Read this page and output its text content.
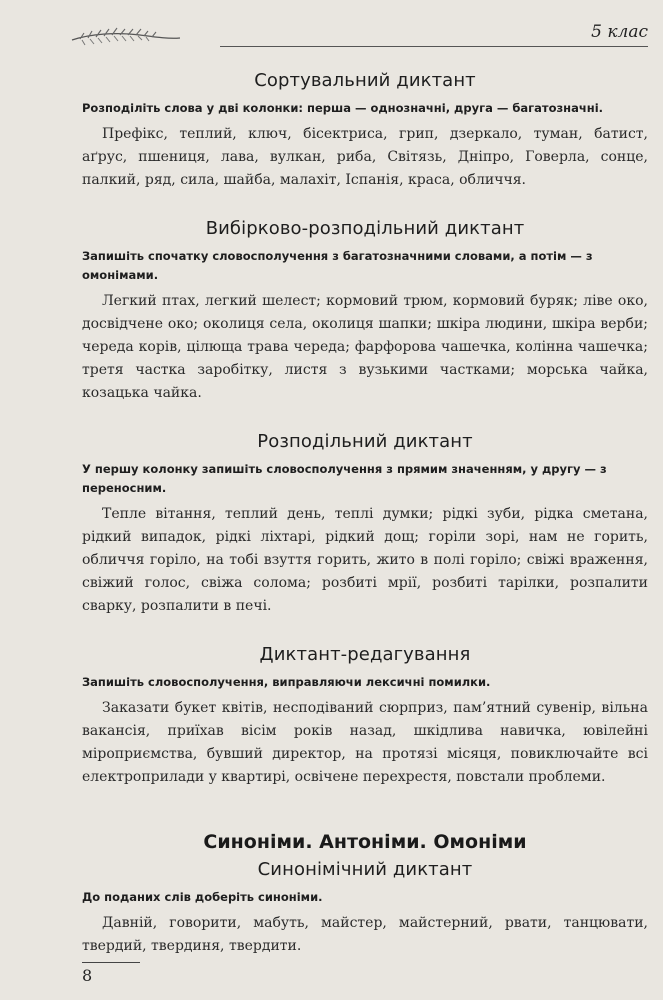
5 клас
Сортувальний диктант

Розподіліть слова у дві колонки: перша — однозначні, друга — багатозначні.

Префікс, теплий, ключ, бісектриса, грип, дзеркало, туман, батист, аґрус, пшениця, лава, вулкан, риба, Світязь, Дніпро, Говерла, сонце, палкий, ряд, сила, шайба, малахіт, Іспанія, краса, обличчя.

Вибірково-розподільний диктант

Запишіть спочатку словосполучення з багатозначними словами, а потім — з омонімами.

Легкий птах, легкий шелест; кормовий трюм, кормовий буряк; ліве око, досвідчене око; околиця села, околиця шапки; шкіра людини, шкіра верби; череда корів, цілюща трава череда; фарфорова чашечка, колінна чашечка; третя частка заробітку, листя з вузькими частками; морська чайка, козацька чайка.

Розподільний диктант

У першу колонку запишіть словосполучення з прямим значенням, у другу — з переносним.

Тепле вітання, теплий день, теплі думки; рідкі зуби, рідка сметана, рідкий випадок, рідкі ліхтарі, рідкий дощ; горіли зорі, нам не горить, обличчя горіло, на тобі взуття горить, жито в полі горіло; свіжі враження, свіжий голос, свіжа солома; розбиті мрії, розбиті тарілки, розпалити сварку, розпалити в печі.

Диктант-редагування

Запишіть словосполучення, виправляючи лексичні помилки.

Заказати букет квітів, несподіваний сюрприз, пам’ятний сувенір, вільна вакансія, приїхав вісім років назад, шкідлива навичка, ювілейні мiроприємства, бувший директор, на протязі місяця, повиключайте всі електроприлади у квартирі, освічене перехрестя, повстали проблеми.

Синоніми. Антоніми. Омоніми
Синонімічний диктант

До поданих слів доберіть синоніми.

Давній, говорити, мабуть, майстер, майстерний, рвати, танцювати, твердий, твердиня, твердити.

8
